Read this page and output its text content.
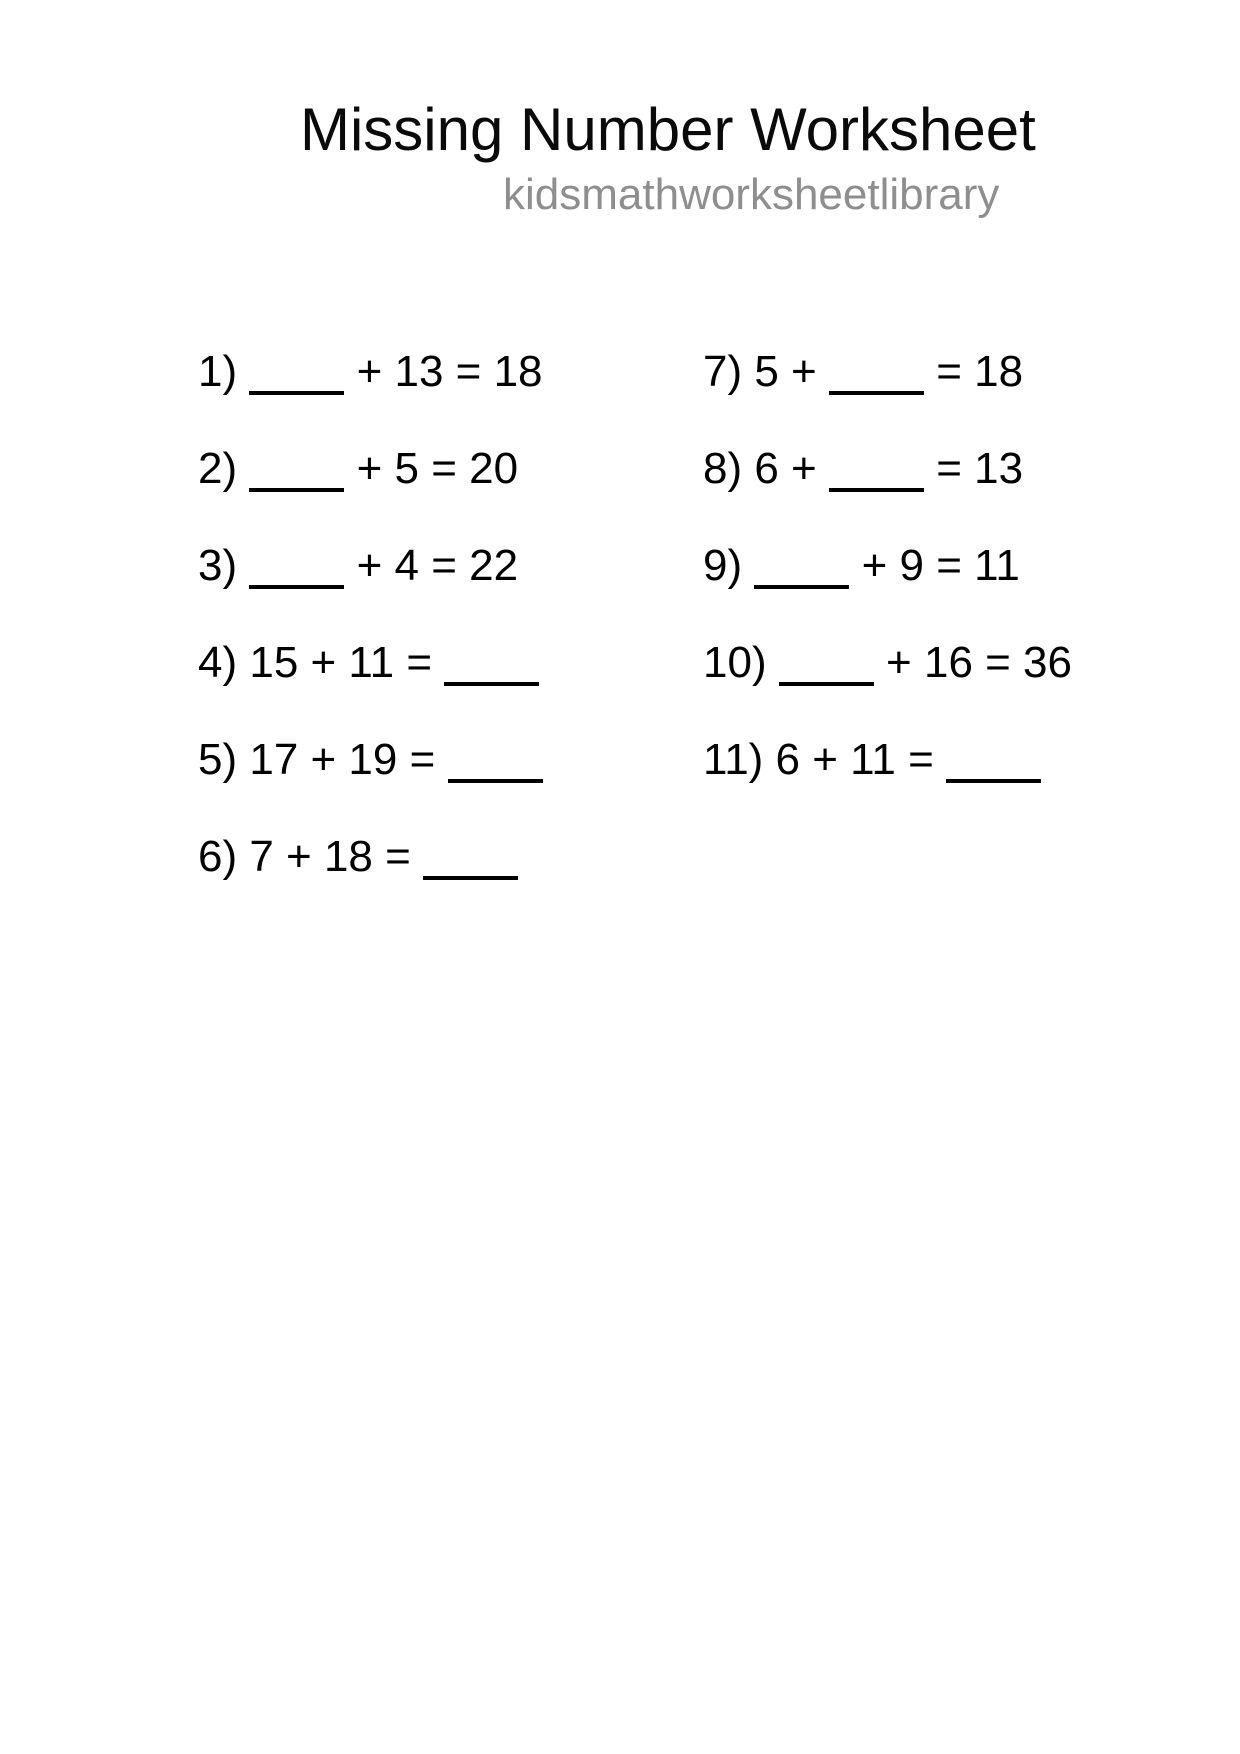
Missing Number Worksheet
kidsmathworksheetlibrary
1)  + 13 = 18
2)  + 5 = 20
3)  + 4 = 22
4) 15 + 11 =
5) 17 + 19 =
6) 7 + 18 =
7) 5 +  = 18
8) 6 +  = 13
9)  + 9 = 11
10)  + 16 = 36
11) 6 + 11 =
